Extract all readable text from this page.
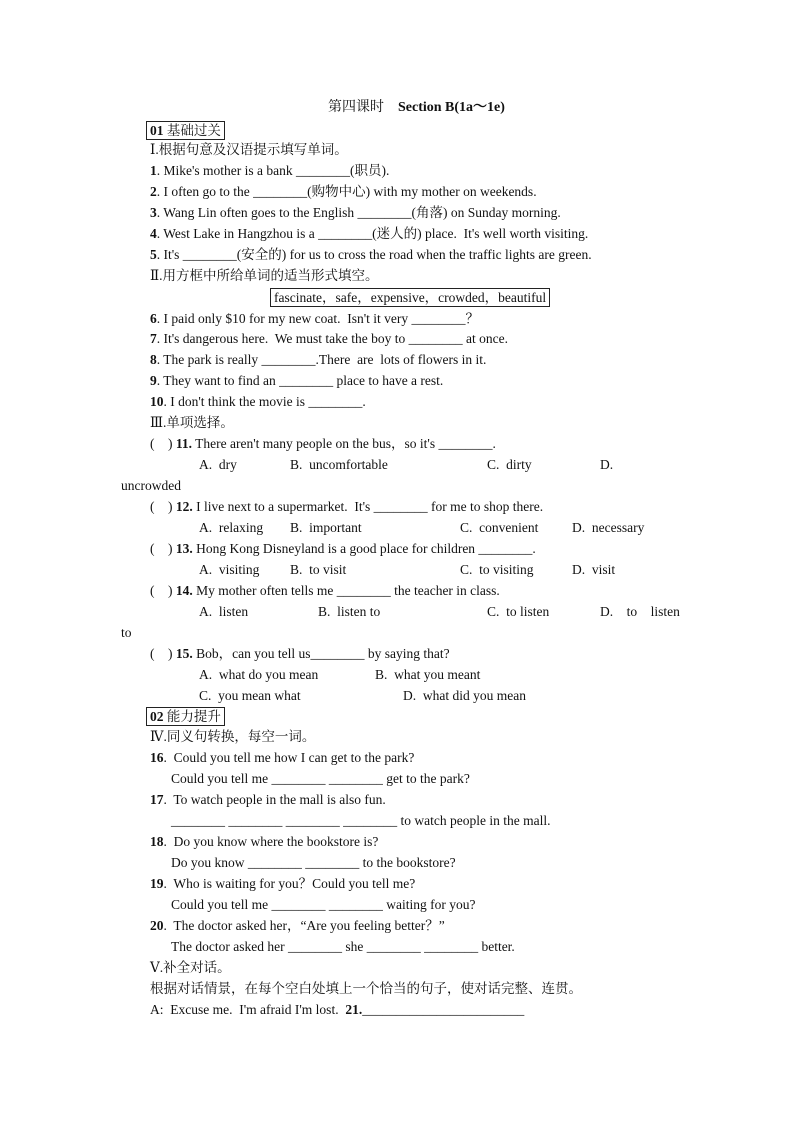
第四课时 Section B(1a～1e)
01 基础过关
Ⅰ.根据句意及汉语提示填写单词。
1. Mike's mother is a bank ________(职员).
2. I often go to the ________(购物中心) with my mother on weekends.
3. Wang Lin often goes to the English ________(角落) on Sunday morning.
4. West Lake in Hangzhou is a ________(迷人的) place.  It's well worth visiting.
5. It's ________(安全的) for us to cross the road when the traffic lights are green.
Ⅱ.用方框中所给单词的适当形式填空。
fascinate，safe，expensive，crowded，beautiful
6. I paid only $10 for my new coat.  Isn't it very ________？
7. It's dangerous here.  We must take the boy to ________ at once.
8. The park is really ________.There  are  lots of flowers in it.
9. They want to find an ________ place to have a rest.
10. I don't think the movie is ________.
Ⅲ.单项选择。
(    ) 11. There aren't many people on the bus，so it's ________.
A.  dry	B.  uncomfortable	C.  dirty	D.
uncrowded
(    ) 12. I live next to a supermarket.  It's ________ for me to shop there.
A.  relaxing B.  important	C.  convenient D.  necessary
(    ) 13. Hong Kong Disneyland is a good place for children ________.
A.  visiting B.  to visit	C.  to visiting	D.  visit
(    ) 14. My mother often tells me ________ the teacher in class.
A.  listen	B.  listen to	C.  to listen	D.    to    listen
to
(    ) 15. Bob，can you tell us________ by saying that?
A.  what do you mean	B.  what you meant
C.  you mean what	D.  what did you mean
02 能力提升
Ⅳ.同义句转换，每空一词。
16.  Could you tell me how I can get to the park?
Could you tell me ________ ________ get to the park?
17.  To watch people in the mall is also fun.
________ ________ ________ ________ to watch people in the mall.
18.  Do you know where the bookstore is?
Do you know ________ ________ to the bookstore?
19.  Who is waiting for you？Could you tell me?
Could you tell me ________ ________ waiting for you?
20.  The doctor asked her，“Are you feeling better？”
The doctor asked her ________ she ________ ________ better.
Ⅴ.补全对话。
根据对话情景，在每个空白处填上一个恰当的句子，使对话完整、连贯。
A:  Excuse me.  I'm afraid I'm lost.  21.________________________
